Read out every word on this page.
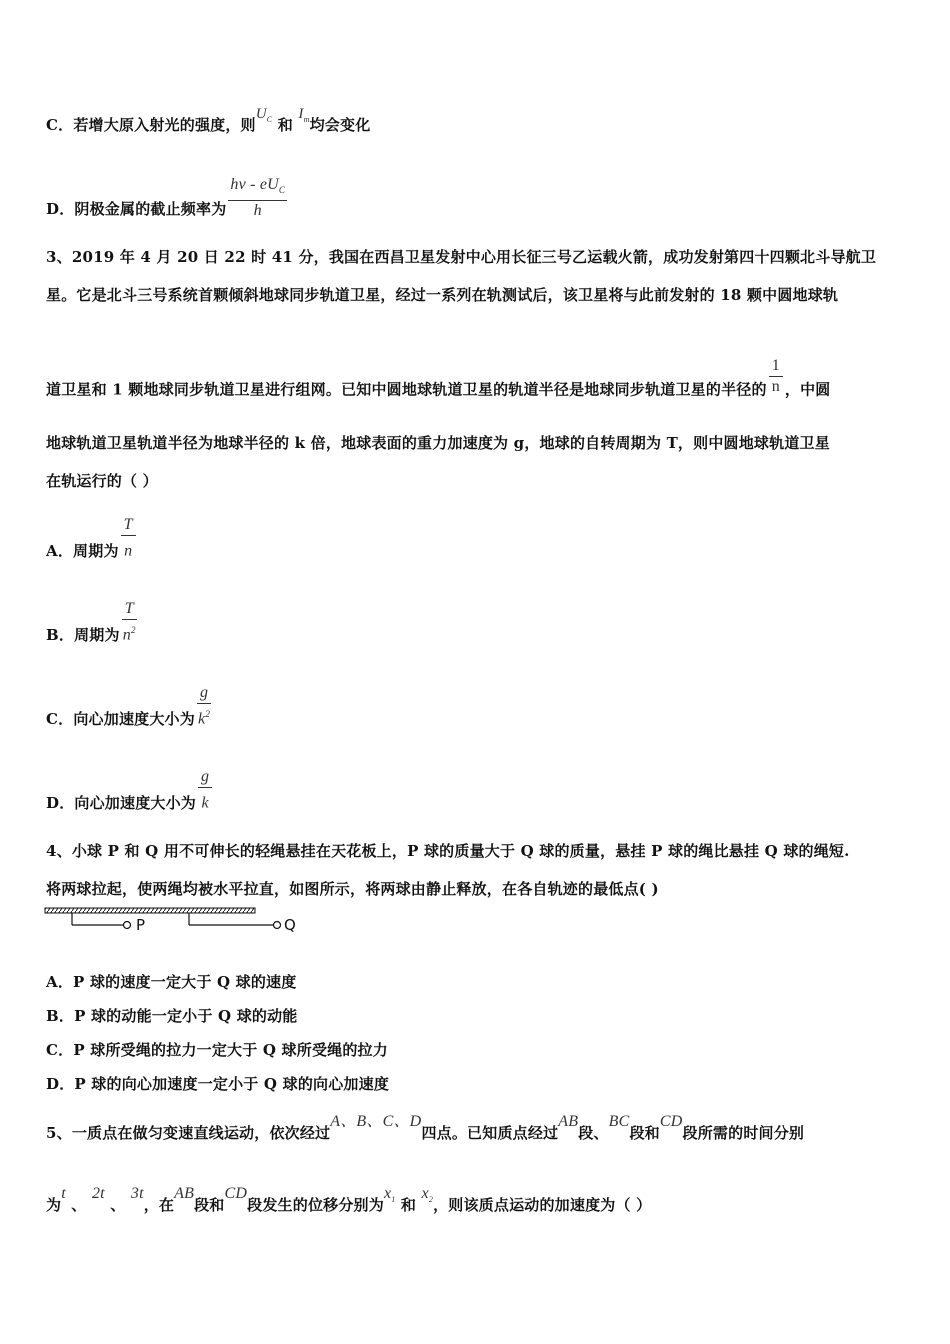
C．若增大原入射光的强度，则$U_C$ 和 $I_m$均会变化
D．阴极金属的截止频率为 $\frac{hv - eU_C}{h}$
3、2019 年 4 月 20 日 22 时 41 分，我国在西昌卫星发射中心用长征三号乙运载火箭，成功发射第四十四颗北斗导航卫
星。它是北斗三号系统首颗倾斜地球同步轨道卫星，经过一系列在轨测试后，该卫星将与此前发射的 18 颗中圆地球轨
道卫星和 1 颗地球同步轨道卫星进行组网。已知中圆地球轨道卫星的轨道半径是地球同步轨道卫星的半径的 $\frac{1}{n}$ ，中圆
地球轨道卫星轨道半径为地球半径的 k 倍，地球表面的重力加速度为 g，地球的自转周期为 T，则中圆地球轨道卫星
在轨运行的（ ）
A．周期为 $\frac{T}{n}$
B．周期为 $\frac{T}{n^2}$
C．向心加速度大小为 $\frac{g}{k^2}$
D．向心加速度大小为 $\frac{g}{k}$
4、小球 P 和 Q 用不可伸长的轻绳悬挂在天花板上，P 球的质量大于 Q 球的质量，悬挂 P 球的绳比悬挂 Q 球的绳短.
将两球拉起，使两绳均被水平拉直，如图所示，将两球由静止释放，在各自轨迹的最低点( )
P	Q
A．P 球的速度一定大于 Q 球的速度
B．P 球的动能一定小于 Q 球的动能
C．P 球所受绳的拉力一定大于 Q 球所受绳的拉力
D．P 球的向心加速度一定小于 Q 球的向心加速度
5、一质点在做匀变速直线运动，依次经过A、B、C、D四点。已知质点经过AB段、BC段和CD段所需的时间分别
为t 、 2t 、 3t，在AB段和CD段发生的位移分别为$x_1$ 和 $x_2$，则该质点运动的加速度为（ ）
